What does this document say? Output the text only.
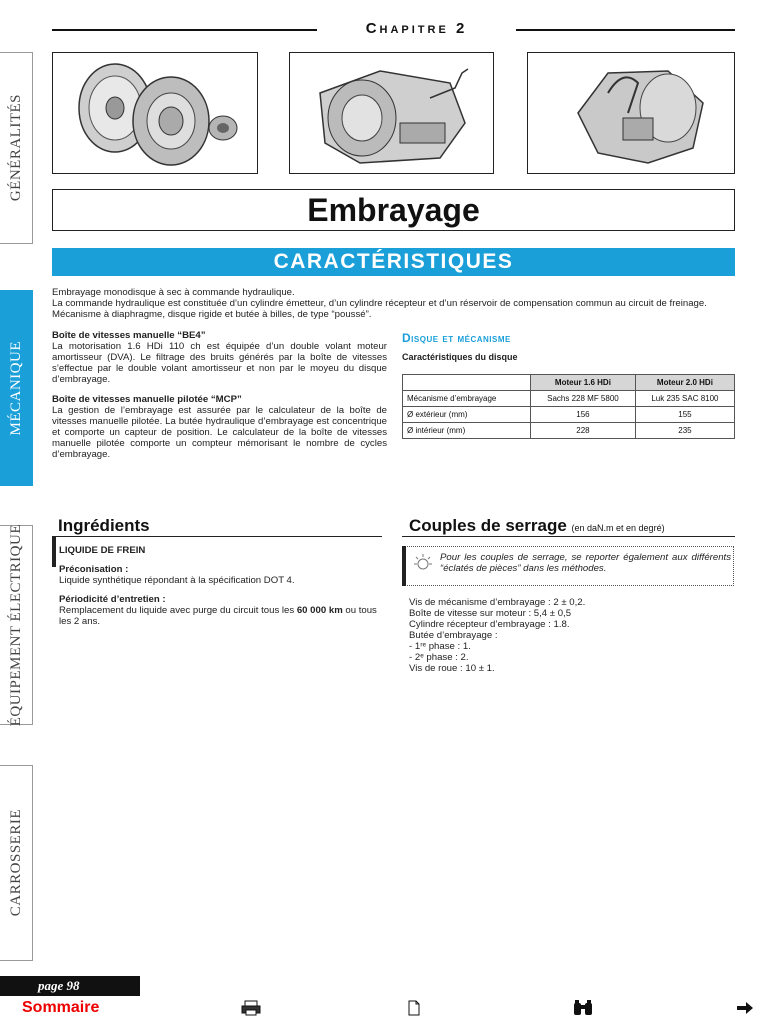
Chapitre 2
GÉNÉRALITÉS
MÉCANIQUE
ÉQUIPEMENT ÉLECTRIQUE
CARROSSERIE
Embrayage
CARACTÉRISTIQUES
Embrayage monodisque à sec à commande hydraulique.
La commande hydraulique est constituée d’un cylindre émetteur, d’un cylindre récepteur et d’un réservoir de compensation commun au circuit de freinage.
Mécanisme à diaphragme, disque rigide et butée à billes, de type “poussé”.

Boîte de vitesses manuelle “BE4”
La motorisation 1.6 HDi 110 ch est équipée d’un double volant moteur amortisseur (DVA). Le filtrage des bruits générés par la boîte de vitesses s’effectue par le double volant amortisseur et non par le moyeu du disque d’embrayage.

Boîte de vitesses manuelle pilotée “MCP”
La gestion de l’embrayage est assurée par le calculateur de la boîte de vitesses manuelle pilotée. La butée hydraulique d’embrayage est concentrique et comporte un capteur de position. Le calculateur de la boîte de vitesses manuelle pilotée comporte un compteur mémorisant le nombre de cycles d’embrayage.

Disque et mécanisme
Caractéristiques du disque
	Moteur 1.6 HDi	Moteur 2.0 HDi
Mécanisme d’embrayage	Sachs 228 MF 5800	Luk 235 SAC 8100
Ø extérieur (mm)	156	155
Ø intérieur (mm)	228	235
Ingrédients

LIQUIDE DE FREIN

Préconisation :
Liquide synthétique répondant à la spécification DOT 4.

Périodicité d’entretien :
Remplacement du liquide avec purge du circuit tous les 60 000 km ou tous les 2 ans.

Couples de serrage (en daN.m et en degré)
Pour les couples de serrage, se reporter également aux différents “éclatés de pièces” dans les méthodes.
Vis de mécanisme d’embrayage : 2 ± 0,2.
Boîte de vitesse sur moteur : 5,4 ± 0,5
Cylindre récepteur d’embrayage : 1.8.
Butée d’embrayage :
- 1ʳᵉ phase : 1.
- 2ᵉ phase : 2.
Vis de roue : 10 ± 1.
page 98
Sommaire
